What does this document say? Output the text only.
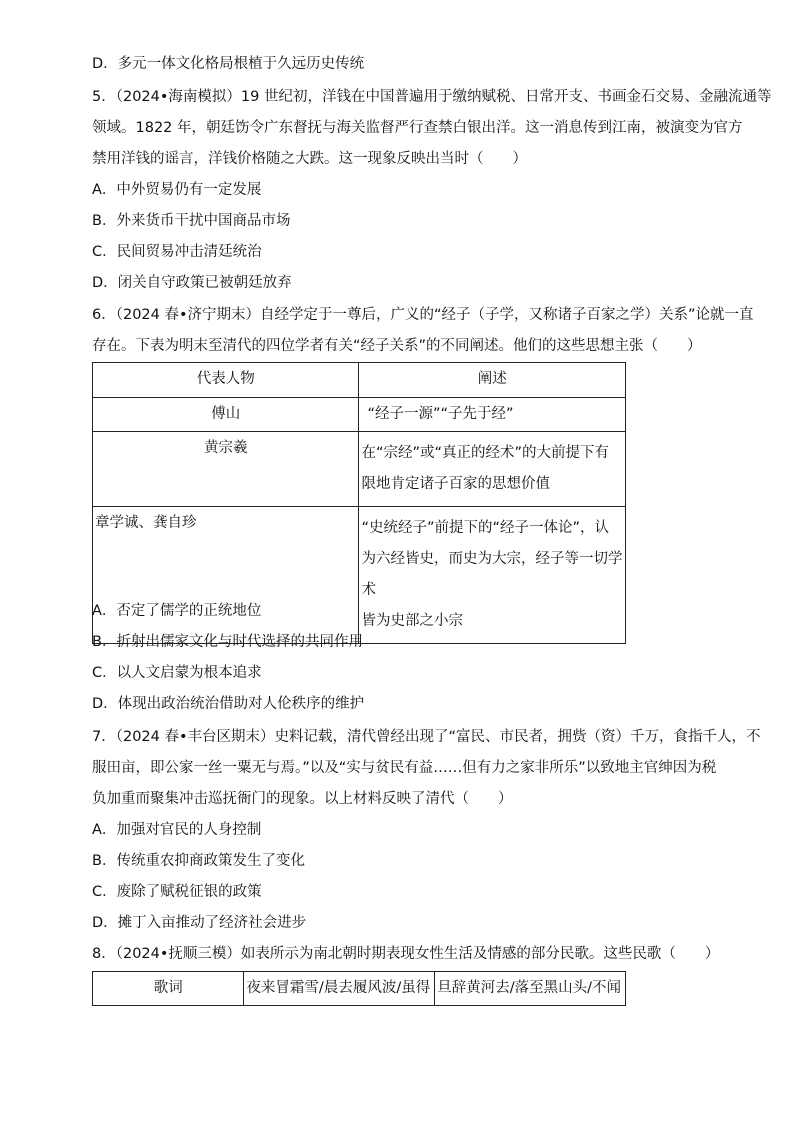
D．多元一体文化格局根植于久远历史传统
5．（2024•海南模拟）19 世纪初，洋钱在中国普遍用于缴纳赋税、日常开支、书画金石交易、金融流通等
领域。1822 年，朝廷饬令广东督抚与海关监督严行查禁白银出洋。这一消息传到江南，被演变为官方
禁用洋钱的谣言，洋钱价格随之大跌。这一现象反映出当时（　　）
A．中外贸易仍有一定发展
B．外来货币干扰中国商品市场
C．民间贸易冲击清廷统治
D．闭关自守政策已被朝廷放弃
6．（2024 春•济宁期末）自经学定于一尊后，广义的“经子（子学，又称诸子百家之学）关系”论就一直
存在。下表为明末至清代的四位学者有关“经子关系”的不同阐述。他们的这些思想主张（　　）
代表人物	阐述

傅山	“经子一源”“子先于经”

黄宗羲	在“宗经”或“真正的经术”的大前提下有
限地肯定诸子百家的思想价值

章学诚、龚自珍	“史统经子”前提下的“经子一体论”，认
为六经皆史，而史为大宗，经子等一切学术
皆为史部之小宗
A．否定了儒学的正统地位
B．折射出儒家文化与时代选择的共同作用
C．以人文启蒙为根本追求
D．体现出政治统治借助对人伦秩序的维护
7．（2024 春•丰台区期末）史料记载，清代曾经出现了“富民、市民者，拥赀（资）千万，食指千人，不
服田亩，即公家一丝一粟无与焉。”以及“实与贫民有益……但有力之家非所乐”以致地主官绅因为税
负加重而聚集冲击巡抚衙门的现象。以上材料反映了清代（　　）
A．加强对官民的人身控制
B．传统重农抑商政策发生了变化
C．废除了赋税征银的政策
D．摊丁入亩推动了经济社会进步
8．（2024•抚顺三模）如表所示为南北朝时期表现女性生活及情感的部分民歌。这些民歌（　　）
歌词	夜来冒霜雪/晨去履风波/虽得	旦辞黄河去/落至黑山头/不闻
